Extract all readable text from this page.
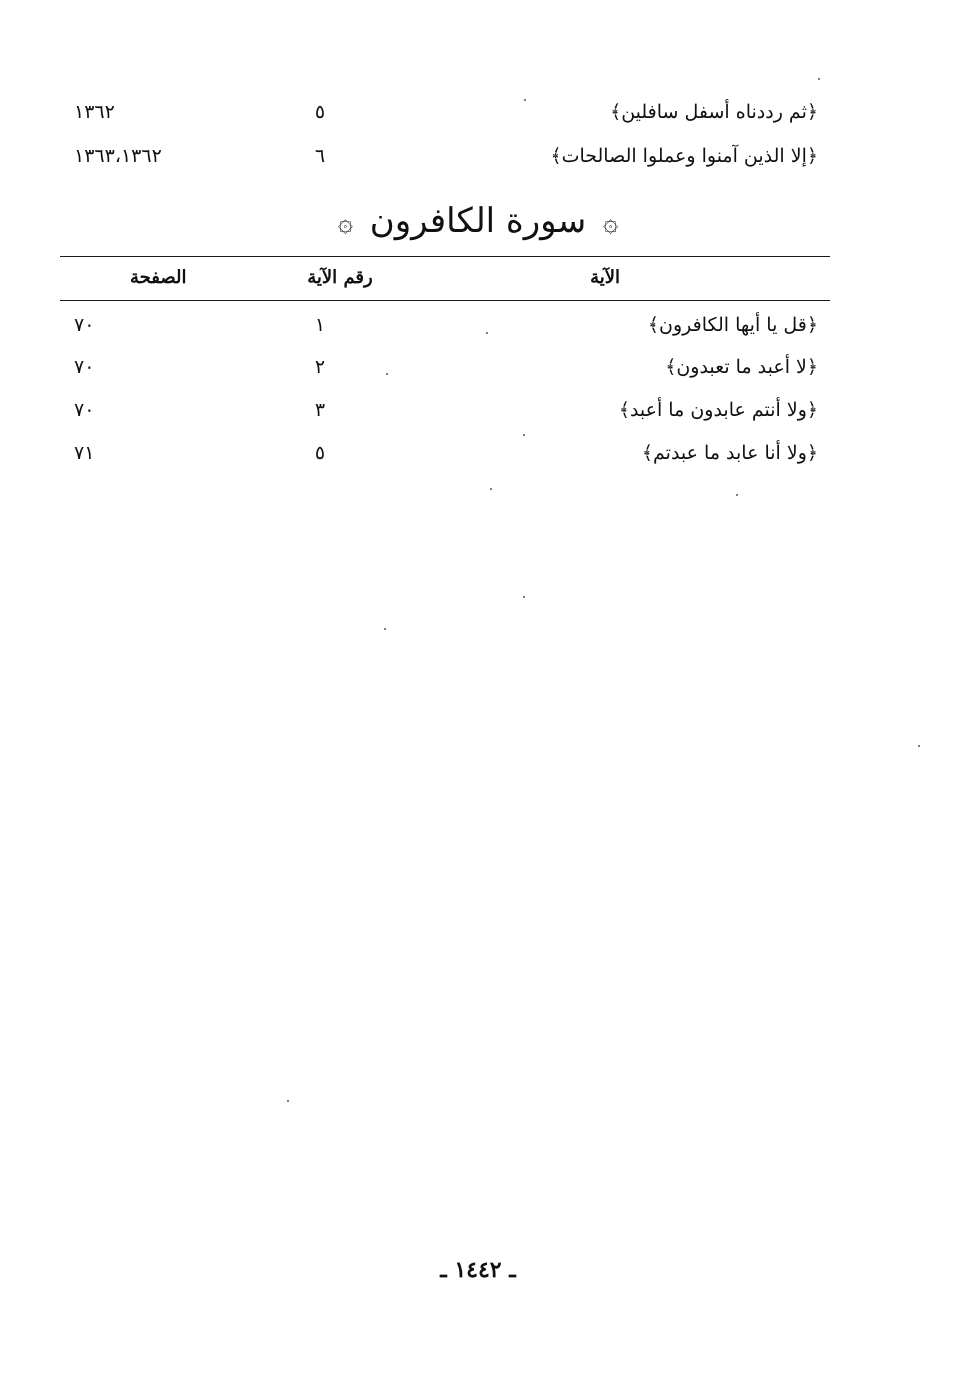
﴿ثم رددناه أسفل سافلين﴾
٥
١٣٦٢
﴿إلا الذين آمنوا وعملوا الصالحات﴾
٦
١٣٦٣،١٣٦٢
۞ سورة الكافرون ۞
الآية
رقم الآية
الصفحة
﴿قل يا أيها الكافرون﴾
١
٧٠
﴿لا أعبد ما تعبدون﴾
٢
٧٠
﴿ولا أنتم عابدون ما أعبد﴾
٣
٧٠
﴿ولا أنا عابد ما عبدتم﴾
٥
٧١
ـ ١٤٤٢ ـ
